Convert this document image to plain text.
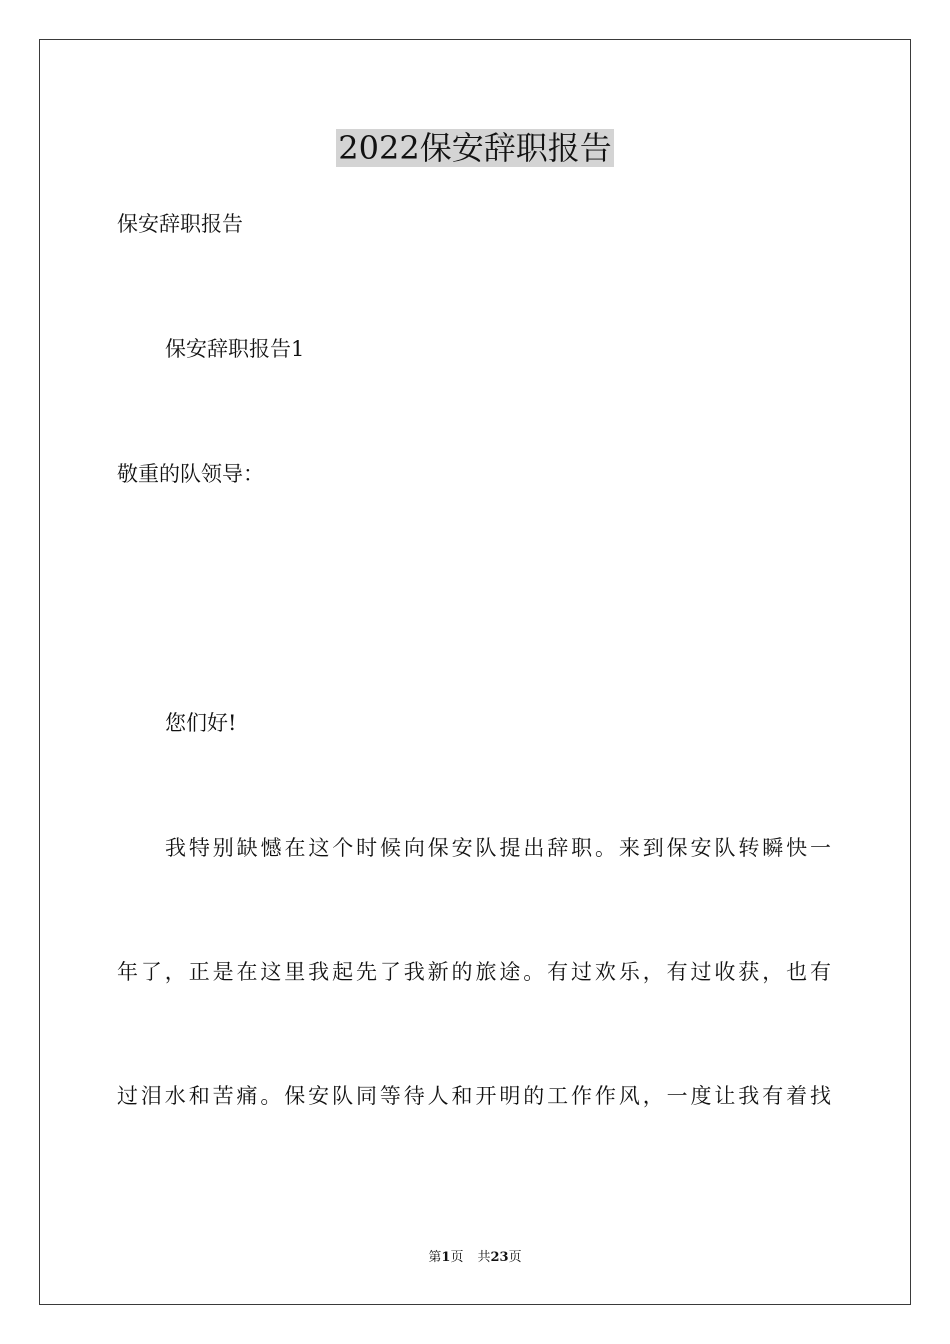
2022保安辞职报告
保安辞职报告
保安辞职报告1
敬重的队领导：
您们好!
我特别缺憾在这个时候向保安队提出辞职。来到保安队转瞬快一
年了，正是在这里我起先了我新的旅途。有过欢乐，有过收获，也有
过泪水和苦痛。保安队同等待人和开明的工作作风，一度让我有着找
第1页 共23页
